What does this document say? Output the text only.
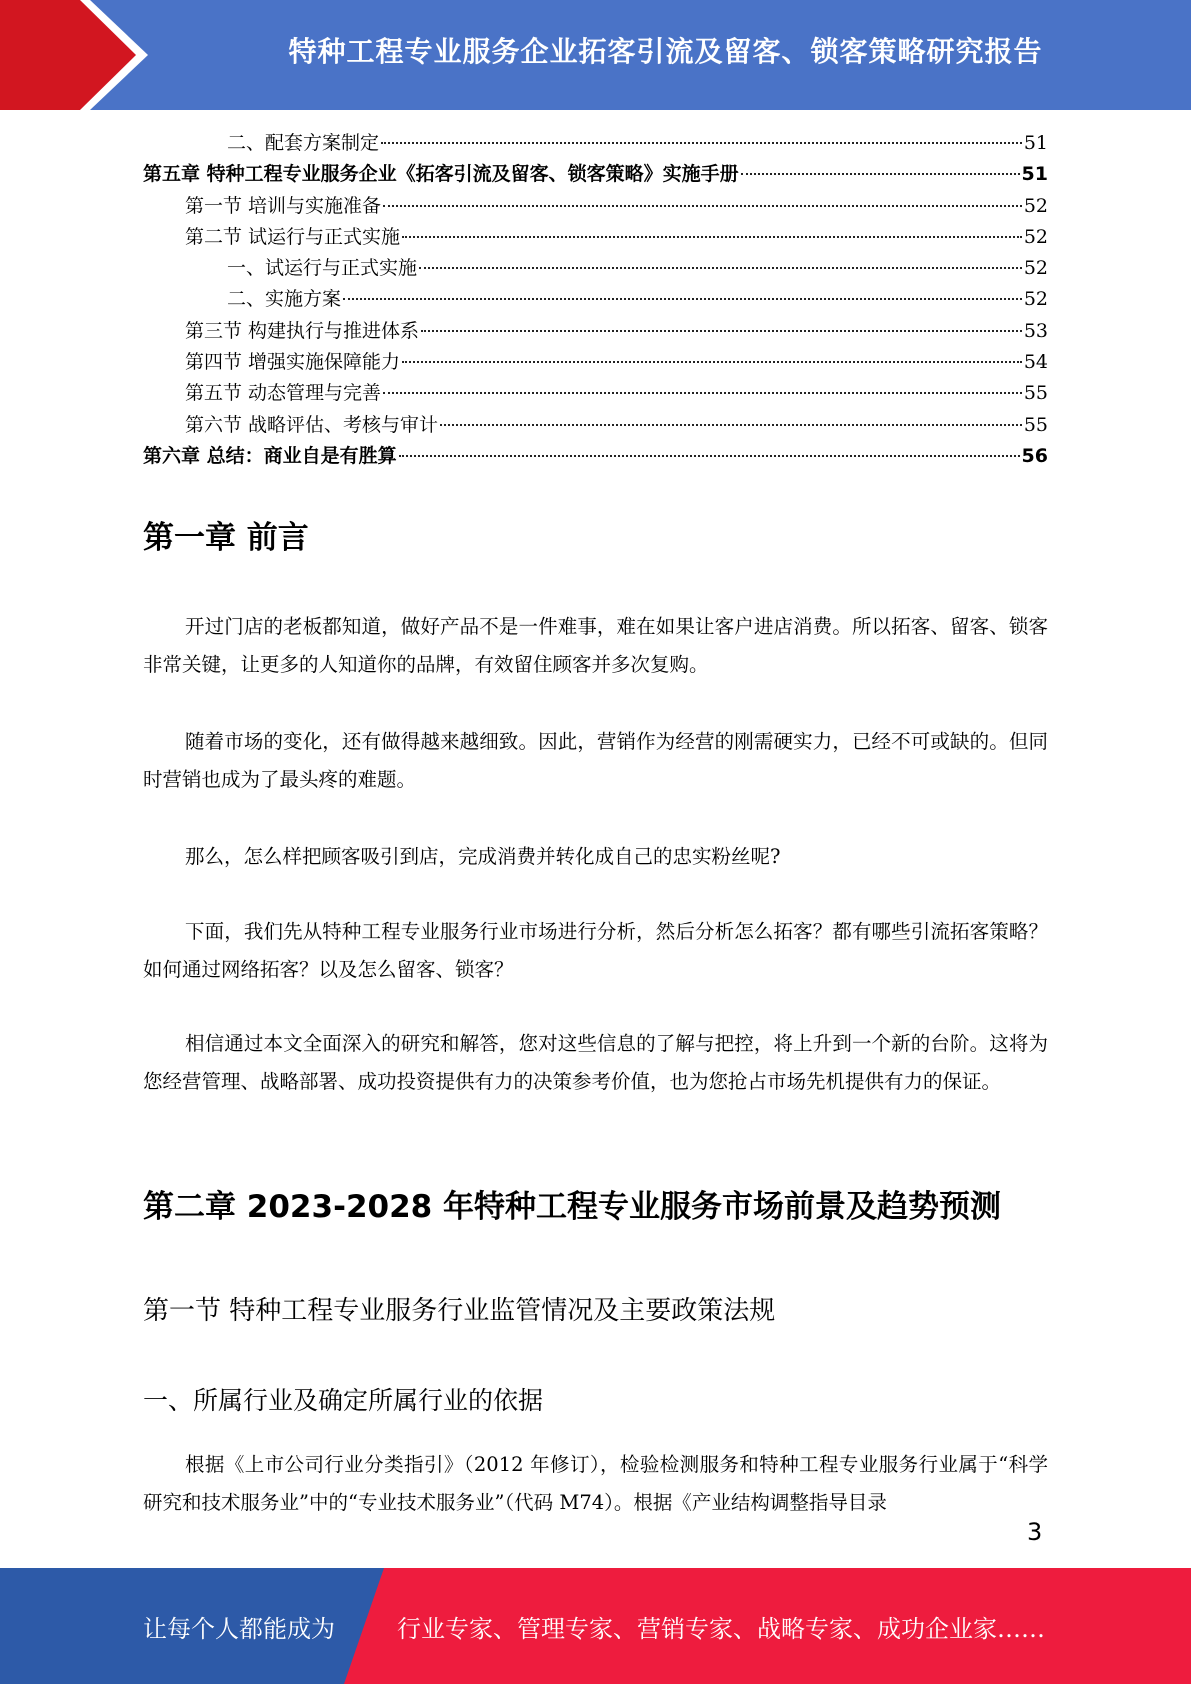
特种工程专业服务企业拓客引流及留客、锁客策略研究报告
二、配套方案制定	51
第五章 特种工程专业服务企业《拓客引流及留客、锁客策略》实施手册	51
第一节 培训与实施准备	52
第二节 试运行与正式实施	52
一、试运行与正式实施	52
二、实施方案	52
第三节 构建执行与推进体系	53
第四节 增强实施保障能力	54
第五节 动态管理与完善	55
第六节 战略评估、考核与审计	55
第六章 总结：商业自是有胜算	56
第一章 前言

开过门店的老板都知道，做好产品不是一件难事，难在如果让客户进店消费。所以拓客、留客、锁客非常关键，让更多的人知道你的品牌，有效留住顾客并多次复购。

随着市场的变化，还有做得越来越细致。因此，营销作为经营的刚需硬实力，已经不可或缺的。但同时营销也成为了最头疼的难题。

那么，怎么样把顾客吸引到店，完成消费并转化成自己的忠实粉丝呢?

下面，我们先从特种工程专业服务行业市场进行分析，然后分析怎么拓客？都有哪些引流拓客策略？如何通过网络拓客？以及怎么留客、锁客？

相信通过本文全面深入的研究和解答，您对这些信息的了解与把控，将上升到一个新的台阶。这将为您经营管理、战略部署、成功投资提供有力的决策参考价值，也为您抢占市场先机提供有力的保证。

第二章 2023-2028 年特种工程专业服务市场前景及趋势预测
第一节 特种工程专业服务行业监管情况及主要政策法规
一、所属行业及确定所属行业的依据

根据《上市公司行业分类指引》（2012 年修订），检验检测服务和特种工程专业服务行业属于“科学研究和技术服务业”中的“专业技术服务业”（代码 M74）。根据《产业结构调整指导目录

3
让每个人都能成为	行业专家、管理专家、营销专家、战略专家、成功企业家……
